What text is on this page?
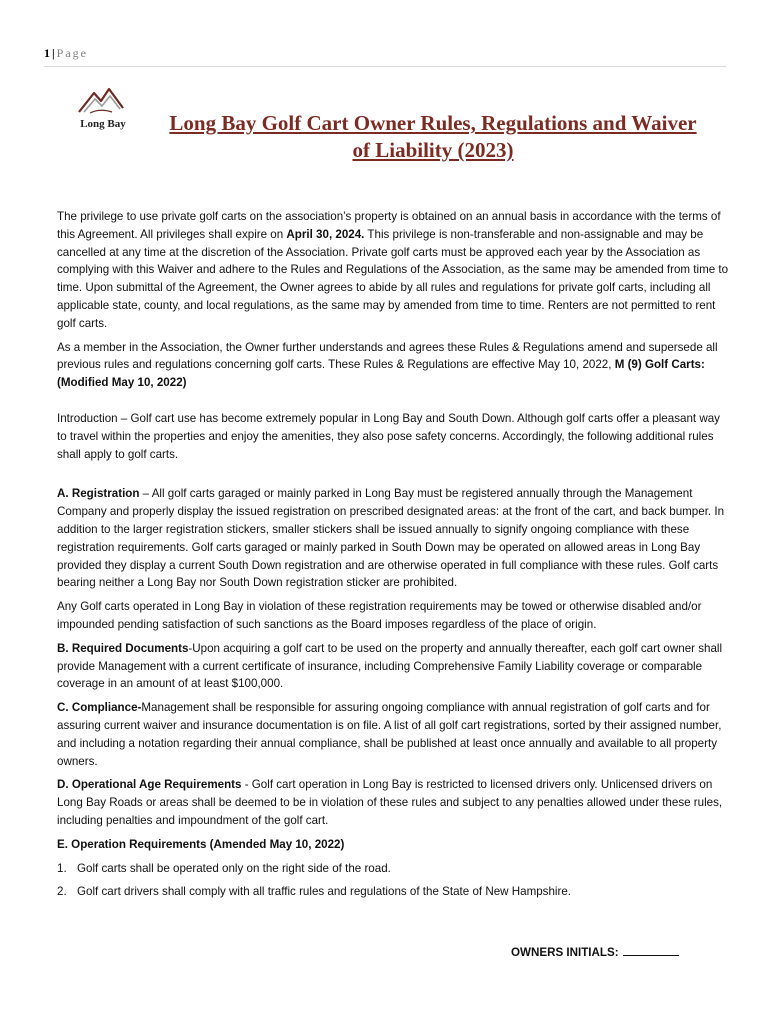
1 | Page
Long Bay	Long Bay Golf Cart Owner Rules, Regulations and Waiver
of Liability (2023)

The privilege to use private golf carts on the association’s property is obtained on an annual basis in accordance with the terms of this Agreement. All privileges shall expire on April 30, 2024. This privilege is non-transferable and non-assignable and may be cancelled at any time at the discretion of the Association. Private golf carts must be approved each year by the Association as complying with this Waiver and adhere to the Rules and Regulations of the Association, as the same may be amended from time to time. Upon submittal of the Agreement, the Owner agrees to abide by all rules and regulations for private golf carts, including all applicable state, county, and local regulations, as the same may by amended from time to time. Renters are not permitted to rent golf carts.

As a member in the Association, the Owner further understands and agrees these Rules & Regulations amend and supersede all previous rules and regulations concerning golf carts. These Rules & Regulations are effective May 10, 2022, M (9) Golf Carts: (Modified May 10, 2022)

Introduction – Golf cart use has become extremely popular in Long Bay and South Down. Although golf carts offer a pleasant way to travel within the properties and enjoy the amenities, they also pose safety concerns. Accordingly, the following additional rules shall apply to golf carts.

A. Registration – All golf carts garaged or mainly parked in Long Bay must be registered annually through the Management Company and properly display the issued registration on prescribed designated areas: at the front of the cart, and back bumper. In addition to the larger registration stickers, smaller stickers shall be issued annually to signify ongoing compliance with these registration requirements. Golf carts garaged or mainly parked in South Down may be operated on allowed areas in Long Bay provided they display a current South Down registration and are otherwise operated in full compliance with these rules. Golf carts bearing neither a Long Bay nor South Down registration sticker are prohibited.

Any Golf carts operated in Long Bay in violation of these registration requirements may be towed or otherwise disabled and/or impounded pending satisfaction of such sanctions as the Board imposes regardless of the place of origin.

B. Required Documents-Upon acquiring a golf cart to be used on the property and annually thereafter, each golf cart owner shall provide Management with a current certificate of insurance, including Comprehensive Family Liability coverage or comparable coverage in an amount of at least $100,000.

C. Compliance-Management shall be responsible for assuring ongoing compliance with annual registration of golf carts and for assuring current waiver and insurance documentation is on file. A list of all golf cart registrations, sorted by their assigned number, and including a notation regarding their annual compliance, shall be published at least once annually and available to all property owners.

D. Operational Age Requirements - Golf cart operation in Long Bay is restricted to licensed drivers only. Unlicensed drivers on Long Bay Roads or areas shall be deemed to be in violation of these rules and subject to any penalties allowed under these rules, including penalties and impoundment of the golf cart.

E. Operation Requirements (Amended May 10, 2022)

1. Golf carts shall be operated only on the right side of the road.
2. Golf cart drivers shall comply with all traffic rules and regulations of the State of New Hampshire.
OWNERS INITIALS:
